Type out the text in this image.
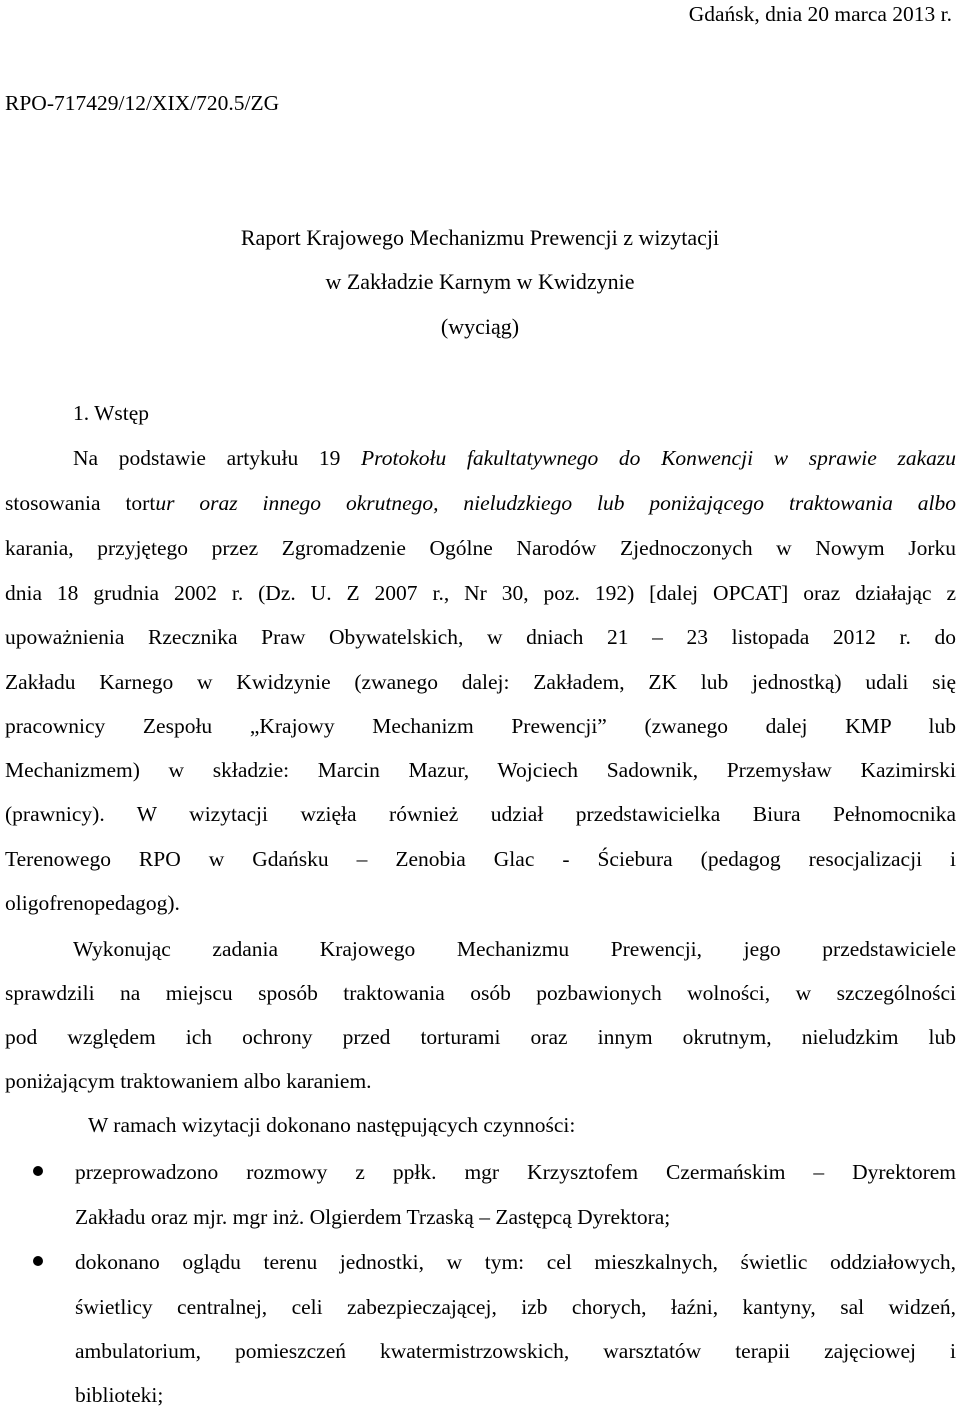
Gdańsk, dnia 20 marca 2013 r.
RPO-717429/12/XIX/720.5/ZG
Raport Krajowego Mechanizmu Prewencji z wizytacji
w Zakładzie Karnym w Kwidzynie
(wyciąg)
1. Wstęp
Na podstawie artykułu 19 Protokołu fakultatywnego do Konwencji w sprawie zakazu
stosowania tortur oraz innego okrutnego, nieludzkiego lub poniżającego traktowania albo
karania, przyjętego przez Zgromadzenie Ogólne Narodów Zjednoczonych w Nowym Jorku
dnia 18 grudnia 2002 r. (Dz. U. Z 2007 r., Nr 30, poz. 192) [dalej OPCAT] oraz działając z
upoważnienia Rzecznika Praw Obywatelskich, w dniach 21 – 23 listopada 2012 r. do
Zakładu Karnego w Kwidzynie (zwanego dalej: Zakładem, ZK lub jednostką) udali się
pracownicy Zespołu „Krajowy Mechanizm Prewencji” (zwanego dalej KMP lub
Mechanizmem) w składzie: Marcin Mazur, Wojciech Sadownik, Przemysław Kazimirski
(prawnicy). W wizytacji wzięła również udział przedstawicielka Biura Pełnomocnika
Terenowego RPO w Gdańsku – Zenobia Glac - Ściebura (pedagog resocjalizacji i
oligofrenopedagog).
Wykonując zadania Krajowego Mechanizmu Prewencji, jego przedstawiciele
sprawdzili na miejscu sposób traktowania osób pozbawionych wolności, w szczególności
pod względem ich ochrony przed torturami oraz innym okrutnym, nieludzkim lub
poniżającym traktowaniem albo karaniem.
W ramach wizytacji dokonano następujących czynności:
przeprowadzono rozmowy z ppłk. mgr Krzysztofem Czermańskim – Dyrektorem
Zakładu oraz mjr. mgr inż. Olgierdem Trzaską – Zastępcą Dyrektora;
dokonano oglądu terenu jednostki, w tym: cel mieszkalnych, świetlic oddziałowych,
świetlicy centralnej, celi zabezpieczającej, izb chorych, łaźni, kantyny, sal widzeń,
ambulatorium, pomieszczeń kwatermistrzowskich, warsztatów terapii zajęciowej i
biblioteki;
